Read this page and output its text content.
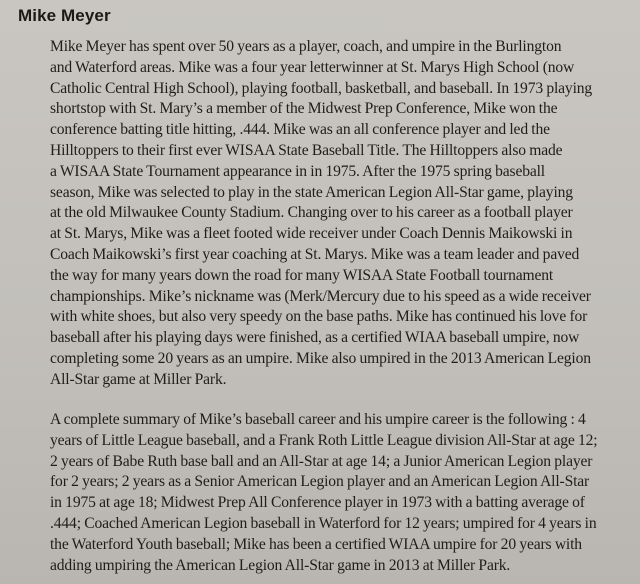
Mike Meyer

Mike Meyer has spent over 50 years as a player, coach, and umpire in the Burlington
and Waterford areas. Mike was a four year letterwinner at St. Marys High School (now
Catholic Central High School), playing football, basketball, and baseball. In 1973 playing
shortstop with St. Mary’s a member of the Midwest Prep Conference, Mike won the
conference batting title hitting, .444. Mike was an all conference player and led the
Hilltoppers to their first ever WISAA State Baseball Title. The Hilltoppers also made
a WISAA State Tournament appearance in in 1975. After the 1975 spring baseball
season, Mike was selected to play in the state American Legion All-Star game, playing
at the old Milwaukee County Stadium. Changing over to his career as a football player
at St. Marys, Mike was a fleet footed wide receiver under Coach Dennis Maikowski in
Coach Maikowski’s first year coaching at St. Marys. Mike was a team leader and paved
the way for many years down the road for many WISAA State Football tournament
championships. Mike’s nickname was (Merk/Mercury due to his speed as a wide receiver
with white shoes, but also very speedy on the base paths. Mike has continued his love for
baseball after his playing days were finished, as a certified WIAA baseball umpire, now
completing some 20 years as an umpire. Mike also umpired in the 2013 American Legion
All-Star game at Miller Park.

A complete summary of Mike’s baseball career and his umpire career is the following : 4
years of Little League baseball, and a Frank Roth Little League division All-Star at age 12;
2 years of Babe Ruth base ball and an All-Star at age 14; a Junior American Legion player
for 2 years; 2 years as a Senior American Legion player and an American Legion All-Star
in 1975 at age 18; Midwest Prep All Conference player in 1973 with a batting average of
.444; Coached American Legion baseball in Waterford for 12 years; umpired for 4 years in
the Waterford Youth baseball; Mike has been a certified WIAA umpire for 20 years with
adding umpiring the American Legion All-Star game in 2013 at Miller Park.
